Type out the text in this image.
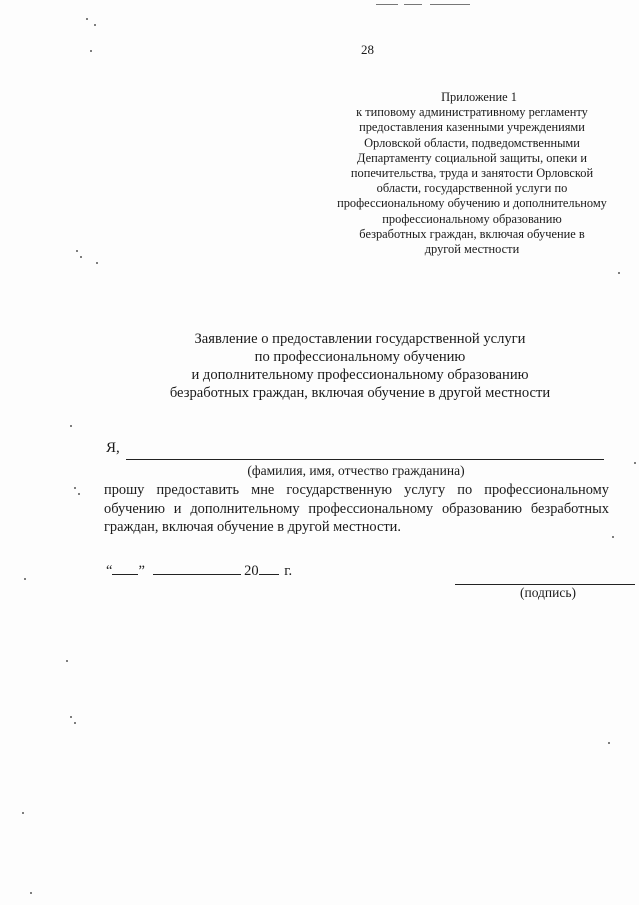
28
Приложение 1
к типовому административному регламенту
предоставления казенными учреждениями
Орловской области, подведомственными
Департаменту социальной защиты, опеки и
попечительства, труда и занятости Орловской
области, государственной услуги по
профессиональному обучению и дополнительному
профессиональному образованию
безработных граждан, включая обучение в
другой местности
Заявление о предоставлении государственной услуги
по профессиональному обучению
и дополнительному профессиональному образованию
безработных граждан, включая обучение в другой местности
Я,
(фамилия, имя, отчество гражданина)
прошу предоставить мне государственную услугу по профессиональному обучению и дополнительному профессиональному образованию безработных граждан, включая обучение в другой местности.
“ ”	20 г.
(подпись)
